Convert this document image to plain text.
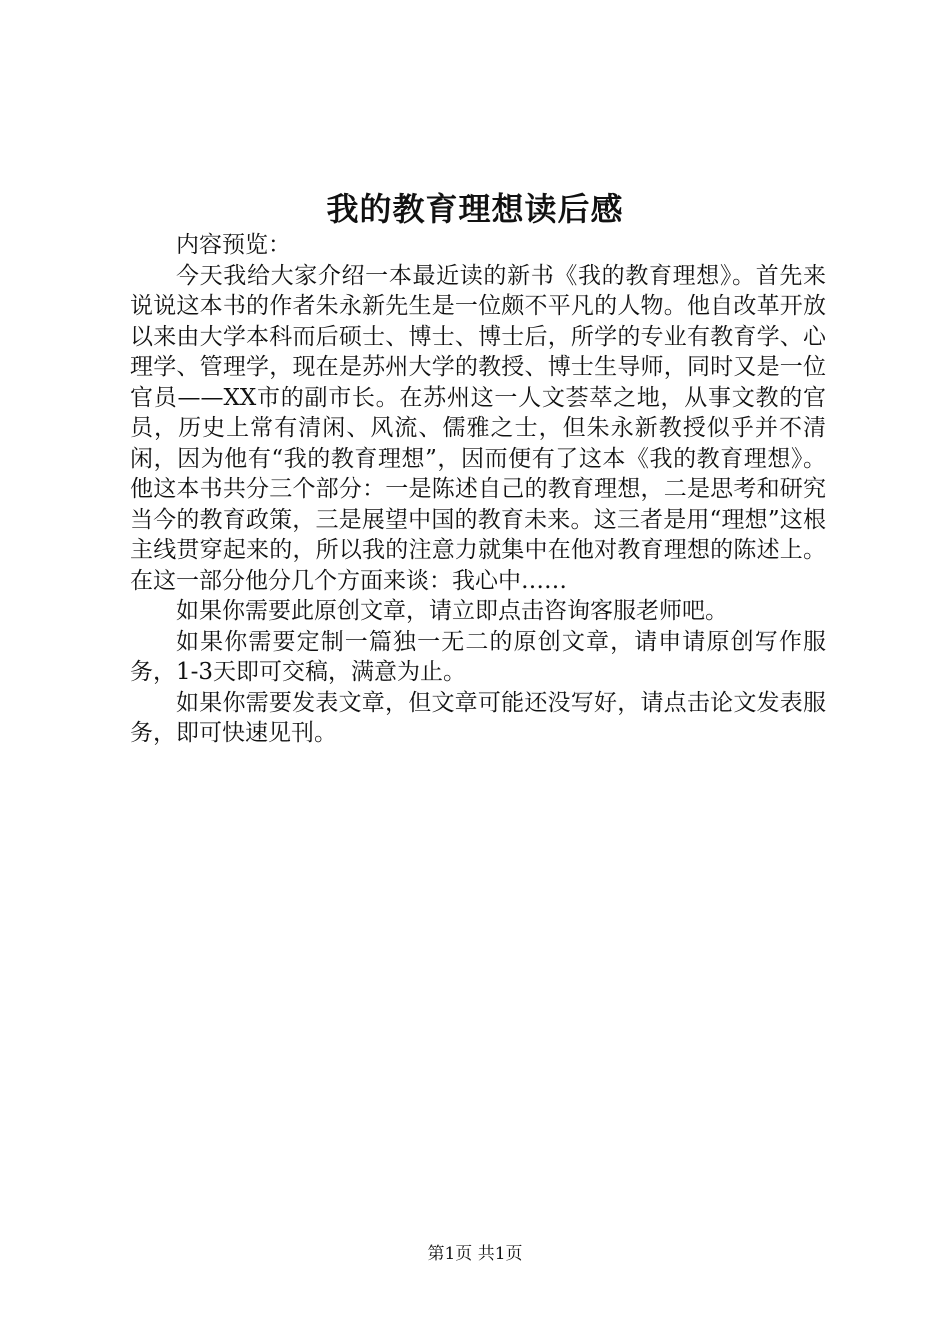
我的教育理想读后感

内容预览：

今天我给大家介绍一本最近读的新书《我的教育理想》。首先来说说这本书的作者朱永新先生是一位颇不平凡的人物。他自改革开放以来由大学本科而后硕士、博士、博士后，所学的专业有教育学、心理学、管理学，现在是苏州大学的教授、博士生导师，同时又是一位官员——XX市的副市长。在苏州这一人文荟萃之地，从事文教的官员，历史上常有清闲、风流、儒雅之士，但朱永新教授似乎并不清闲，因为他有“我的教育理想”，因而便有了这本《我的教育理想》。他这本书共分三个部分：一是陈述自己的教育理想，二是思考和研究当今的教育政策，三是展望中国的教育未来。这三者是用“理想”这根主线贯穿起来的，所以我的注意力就集中在他对教育理想的陈述上。在这一部分他分几个方面来谈：我心中……

如果你需要此原创文章，请立即点击咨询客服老师吧。

如果你需要定制一篇独一无二的原创文章，请申请原创写作服务，1-3天即可交稿，满意为止。

如果你需要发表文章，但文章可能还没写好，请点击论文发表服务，即可快速见刊。

第1页 共1页
